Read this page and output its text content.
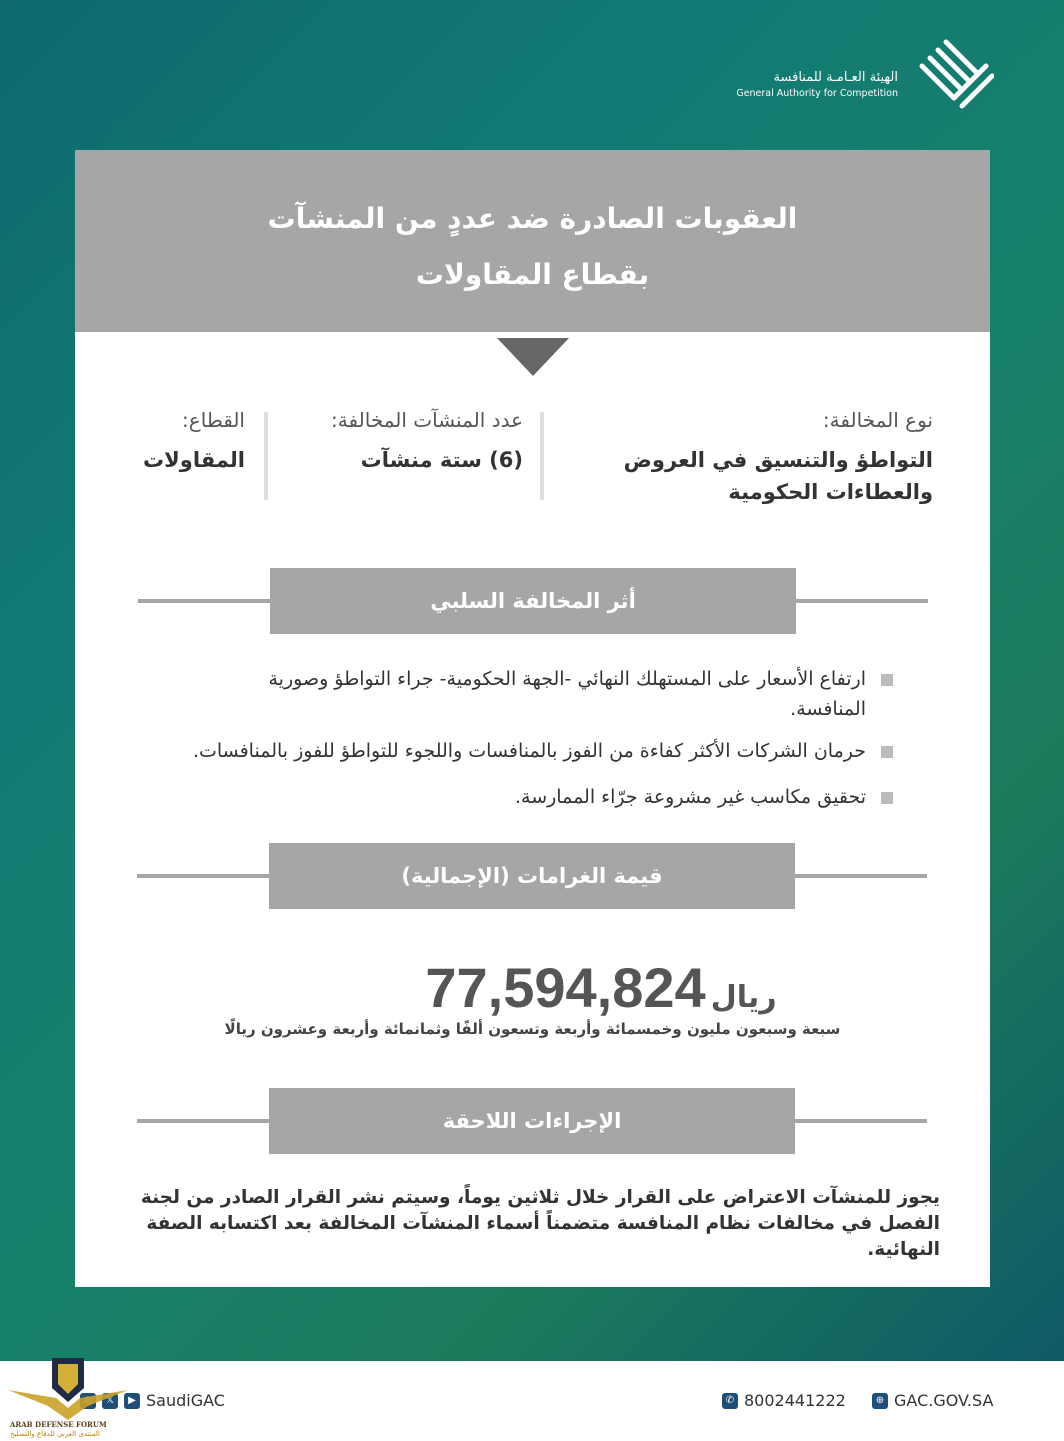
الهيئة العـامـة للمنافسة
General Authority for Competition
العقوبات الصادرة ضد عددٍ من المنشآت
بقطاع المقاولات
نوع المخالفة:
التواطؤ والتنسيق في العروض والعطاءات الحكومية
عدد المنشآت المخالفة:
(6) ستة منشآت
القطاع:
المقاولات
أثر المخالفة السلبي
ارتفاع الأسعار على المستهلك النهائي -الجهة الحكومية- جراء التواطؤ وصورية المنافسة.
حرمان الشركات الأكثر كفاءة من الفوز بالمنافسات واللجوء للتواطؤ للفوز بالمنافسات.
تحقيق مكاسب غير مشروعة جرّاء الممارسة.
قيمة الغرامات (الإجمالية)
ريال 77,594,824
سبعة وسبعون مليون وخمسمائة وأربعة وتسعون ألفًا وثمانمائة وأربعة وعشرون ريالًا
الإجراءات اللاحقة
يجوز للمنشآت الاعتراض على القرار خلال ثلاثين يوماً، وسيتم نشر القرار الصادر من لجنة الفصل في مخالفات نظام المنافسة متضمناً أسماء المنشآت المخالفة بعد اكتسابه الصفة النهائية.
𝕏	▶ SaudiGAC	✆ 8002441222	⊕ GAC.GOV.SA
ARAB DEFENSE FORUM
المنتدى العربي للدفاع والتسليح
